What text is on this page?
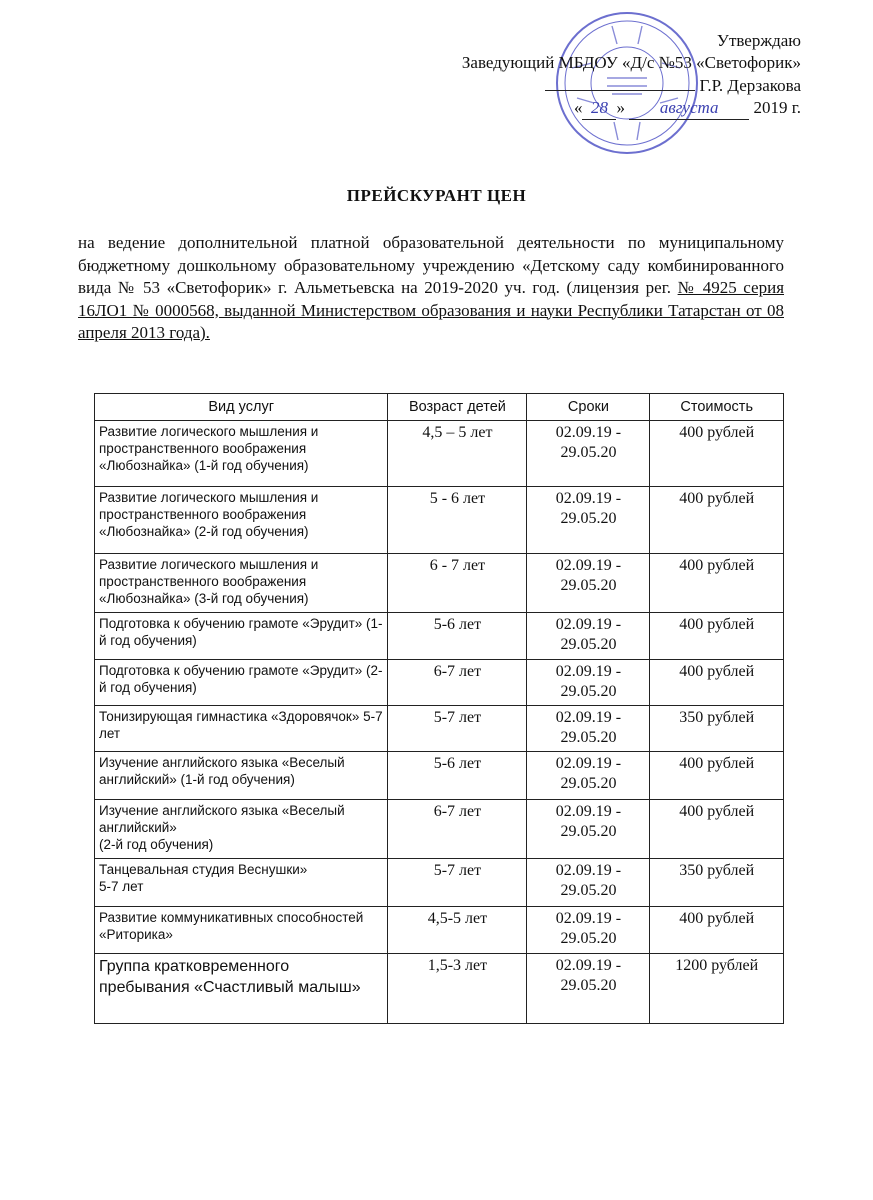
Утверждаю
Заведующий МБДОУ «Д/с №53 «Светофорик»
Г.Р. Дерзакова
« 28 » августа 2019 г.
ПРЕЙСКУРАНТ ЦЕН
на ведение дополнительной платной образовательной деятельности по муниципальному бюджетному дошкольному образовательному учреждению «Детскому саду комбинированного вида № 53 «Светофорик» г. Альметьевска на 2019-2020 уч. год. (лицензия рег. № 4925 серия 16ЛО1 № 0000568, выданной Министерством образования и науки Республики Татарстан от 08 апреля 2013 года).
Вид услуг	Возраст детей	Сроки	Стоимость
Развитие логического мышления и пространственного воображения «Любознайка» (1-й год обучения)	4,5 – 5 лет	02.09.19 - 29.05.20	400 рублей
Развитие логического мышления и пространственного воображения «Любознайка» (2-й год обучения)	5 - 6 лет	02.09.19 - 29.05.20	400 рублей
Развитие логического мышления и пространственного воображения «Любознайка» (3-й год обучения)	6 - 7 лет	02.09.19 - 29.05.20	400 рублей
Подготовка к обучению грамоте «Эрудит» (1-й год обучения)	5-6 лет	02.09.19 - 29.05.20	400 рублей
Подготовка к обучению грамоте «Эрудит» (2-й год обучения)	6-7 лет	02.09.19 - 29.05.20	400 рублей
Тонизирующая гимнастика «Здоровячок» 5-7 лет	5-7 лет	02.09.19 - 29.05.20	350 рублей
Изучение английского языка «Веселый английский» (1-й год обучения)	5-6 лет	02.09.19 - 29.05.20	400 рублей
Изучение английского языка «Веселый английский»
(2-й год обучения)	6-7 лет	02.09.19 - 29.05.20	400 рублей
Танцевальная студия Веснушки»
5-7 лет	5-7 лет	02.09.19 - 29.05.20	350 рублей
Развитие коммуникативных способностей «Риторика»	4,5-5 лет	02.09.19 - 29.05.20	400 рублей
Группа кратковременного пребывания «Счастливый малыш»	1,5-3 лет	02.09.19 - 29.05.20	1200 рублей
